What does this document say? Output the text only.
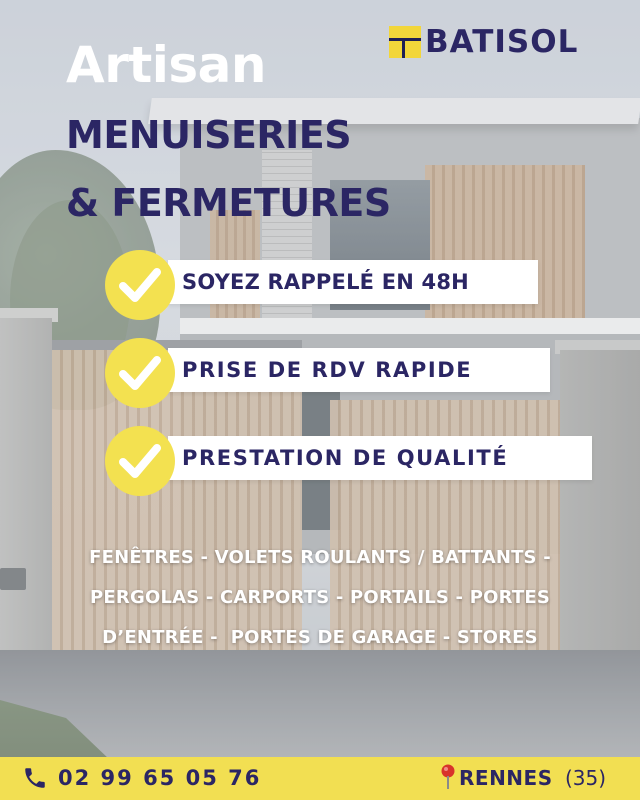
BATISOL
Artisan
MENUISERIES
& FERMETURES
SOYEZ RAPPELÉ EN 48H
PRISE DE RDV RAPIDE
PRESTATION DE QUALITÉ
FENÊTRES - VOLETS ROULANTS / BATTANTS -
PERGOLAS - CARPORTS - PORTAILS - PORTES
D’ENTRÉE -  PORTES DE GARAGE - STORES
02 99 65 05 76	RENNES (35)
